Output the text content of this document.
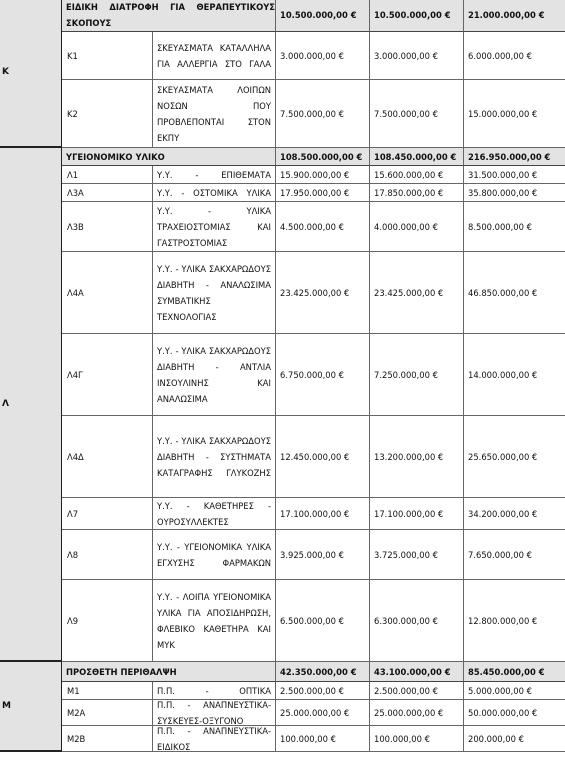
Κ
ΕΙΔΙΚΗ ΔΙΑΤΡΟΦΗ ΓΙΑ ΘΕΡΑΠΕΥΤΙΚΟΥΣ ΣΚΟΠΟΥΣ
10.500.000,00 € 10.500.000,00 € 21.000.000,00 €
Κ1
ΣΚΕΥΑΣΜΑΤΑ ΚΑΤΑΛΛΗΛΑ ΓΙΑ ΑΛΛΕΡΓΙΑ ΣΤΟ ΓΑΛΑ
3.000.000,00 €	3.000.000,00 €	6.000.000,00 €
Κ2
ΣΚΕΥΑΣΜΑΤΑ ΛΟΙΠΩΝ ΝΟΣΩΝ ΠΟΥ ΠΡΟΒΛΕΠΟΝΤΑΙ ΣΤΟΝ ΕΚΠΥ
7.500.000,00 €	7.500.000,00 €	15.000.000,00 €
Λ
ΥΓΕΙΟΝΟΜΙΚΟ ΥΛΙΚΟ	108.500.000,00 € 108.450.000,00 € 216.950.000,00 €
Λ1	Υ.Υ. - ΕΠΙΘΕΜΑΤΑ 15.900.000,00 €	15.600.000,00 €	31.500.000,00 €
Λ3Α	Υ.Υ. - ΟΣΤΟΜΙΚΑ ΥΛΙΚΑ 17.950.000,00 €	17.850.000,00 €	35.800.000,00 €
Λ3Β
Υ.Υ. - ΥΛΙΚΑ ΤΡΑΧΕΙΟΣΤΟΜΙΑΣ ΚΑΙ ΓΑΣΤΡΟΣΤΟΜΙΑΣ
4.500.000,00 €	4.000.000,00 €	8.500.000,00 €
Λ4Α
Υ.Υ. - ΥΛΙΚΑ ΣΑΚΧΑΡΩΔΟΥΣ ΔΙΑΒΗΤΗ - ΑΝΑΛΩΣΙΜΑ ΣΥΜΒΑΤΙΚΗΣ ΤΕΧΝΟΛΟΓΙΑΣ
23.425.000,00 €	23.425.000,00 €	46.850.000,00 €
Λ4Γ
Υ.Υ. - ΥΛΙΚΑ ΣΑΚΧΑΡΩΔΟΥΣ ΔΙΑΒΗΤΗ - ΑΝΤΛΙΑ ΙΝΣΟΥΛΙΝΗΣ ΚΑΙ ΑΝΑΛΩΣΙΜΑ
6.750.000,00 €	7.250.000,00 €	14.000.000,00 €
Λ4Δ
Υ.Υ. - ΥΛΙΚΑ ΣΑΚΧΑΡΩΔΟΥΣ ΔΙΑΒΗΤΗ - ΣΥΣΤΗΜΑΤΑ ΚΑΤΑΓΡΑΦΗΣ ΓΛΥΚΟΖΗΣ
12.450.000,00 €	13.200.000,00 €	25.650.000,00 €
Λ7
Υ.Υ. - ΚΑΘΕΤΗΡΕΣ - ΟΥΡΟΣΥΛΛΕΚΤΕΣ
17.100.000,00 €	17.100.000,00 €	34.200.000,00 €
Λ8
Υ.Υ. - ΥΓΕΙΟΝΟΜΙΚΑ ΥΛΙΚΑ ΕΓΧΥΣΗΣ ΦΑΡΜΑΚΩΝ
3.925.000,00 €	3.725.000,00 €	7.650.000,00 €
Λ9
Υ.Υ. - ΛΟΙΠΑ ΥΓΕΙΟΝΟΜΙΚΑ ΥΛΙΚΑ ΓΙΑ ΑΠΟΣΙΔΗΡΩΣΗ, ΦΛΕΒΙΚΟ ΚΑΘΕΤΗΡΑ ΚΑΙ ΜΥΚ
6.500.000,00 €	6.300.000,00 €	12.800.000,00 €
Μ
ΠΡΟΣΘΕΤΗ ΠΕΡΙΘΑΛΨΗ	42.350.000,00 € 43.100.000,00 € 85.450.000,00 €
Μ1	Π.Π. - ΟΠΤΙΚΑ 2.500.000,00 €	2.500.000,00 €	5.000.000,00 €
Μ2Α
Π.Π. - ΑΝΑΠΝΕΥΣΤΙΚΑ- ΣΥΣΚΕΥΕΣ-ΟΞΥΓΟΝΟ
25.000.000,00 €	25.000.000,00 €	50.000.000,00 €
Μ2Β
Π.Π. - ΑΝΑΠΝΕΥΣΤΙΚΑ- ΕΙΔΙΚΟΣ
100.000,00 €	100.000,00 €	200.000,00 €
